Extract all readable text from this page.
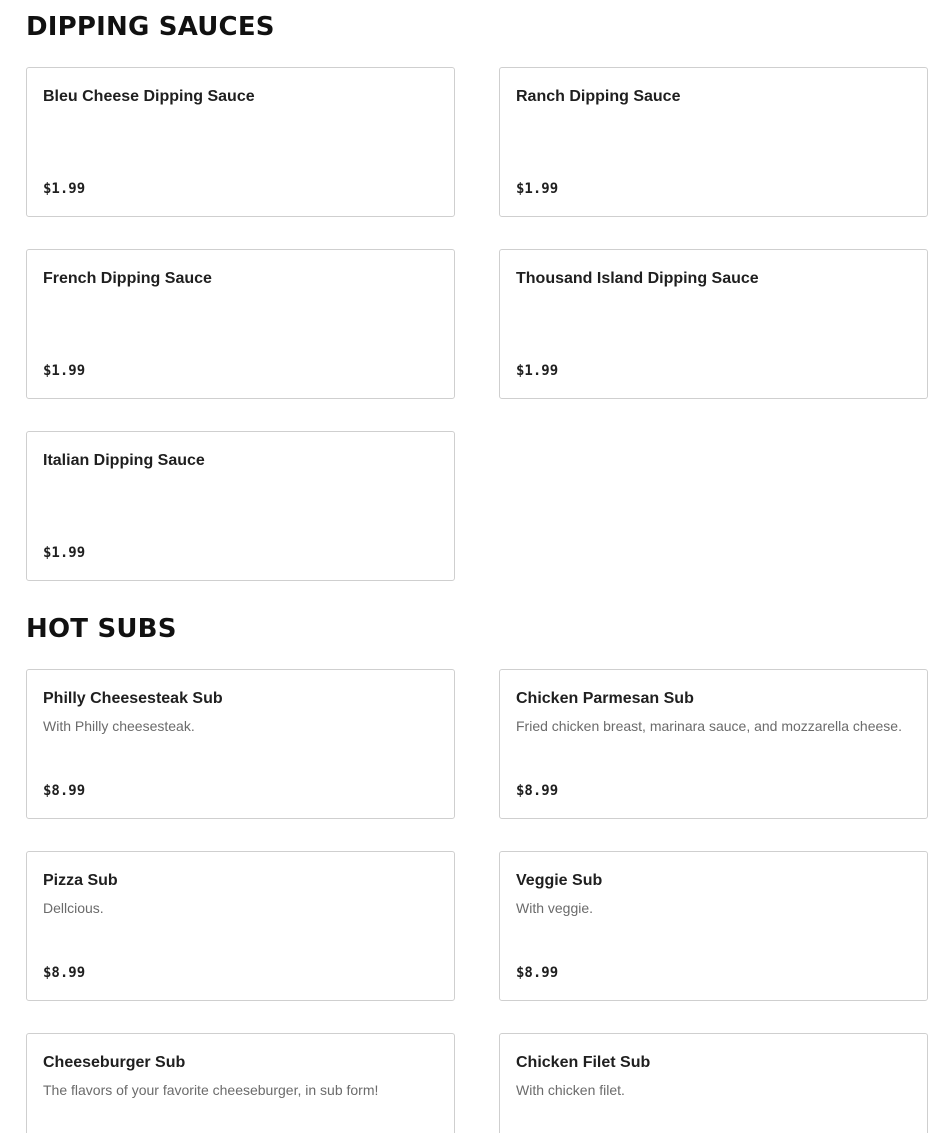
DIPPING SAUCES
Bleu Cheese Dipping Sauce
$1.99
Ranch Dipping Sauce
$1.99
French Dipping Sauce
$1.99
Thousand Island Dipping Sauce
$1.99
Italian Dipping Sauce
$1.99
HOT SUBS
Philly Cheesesteak Sub
With Philly cheesesteak.
$8.99
Chicken Parmesan Sub
Fried chicken breast, marinara sauce, and mozzarella cheese.
$8.99
Pizza Sub
Dellcious.
$8.99
Veggie Sub
With veggie.
$8.99
Cheeseburger Sub
The flavors of your favorite cheeseburger, in sub form!
Chicken Filet Sub
With chicken filet.
